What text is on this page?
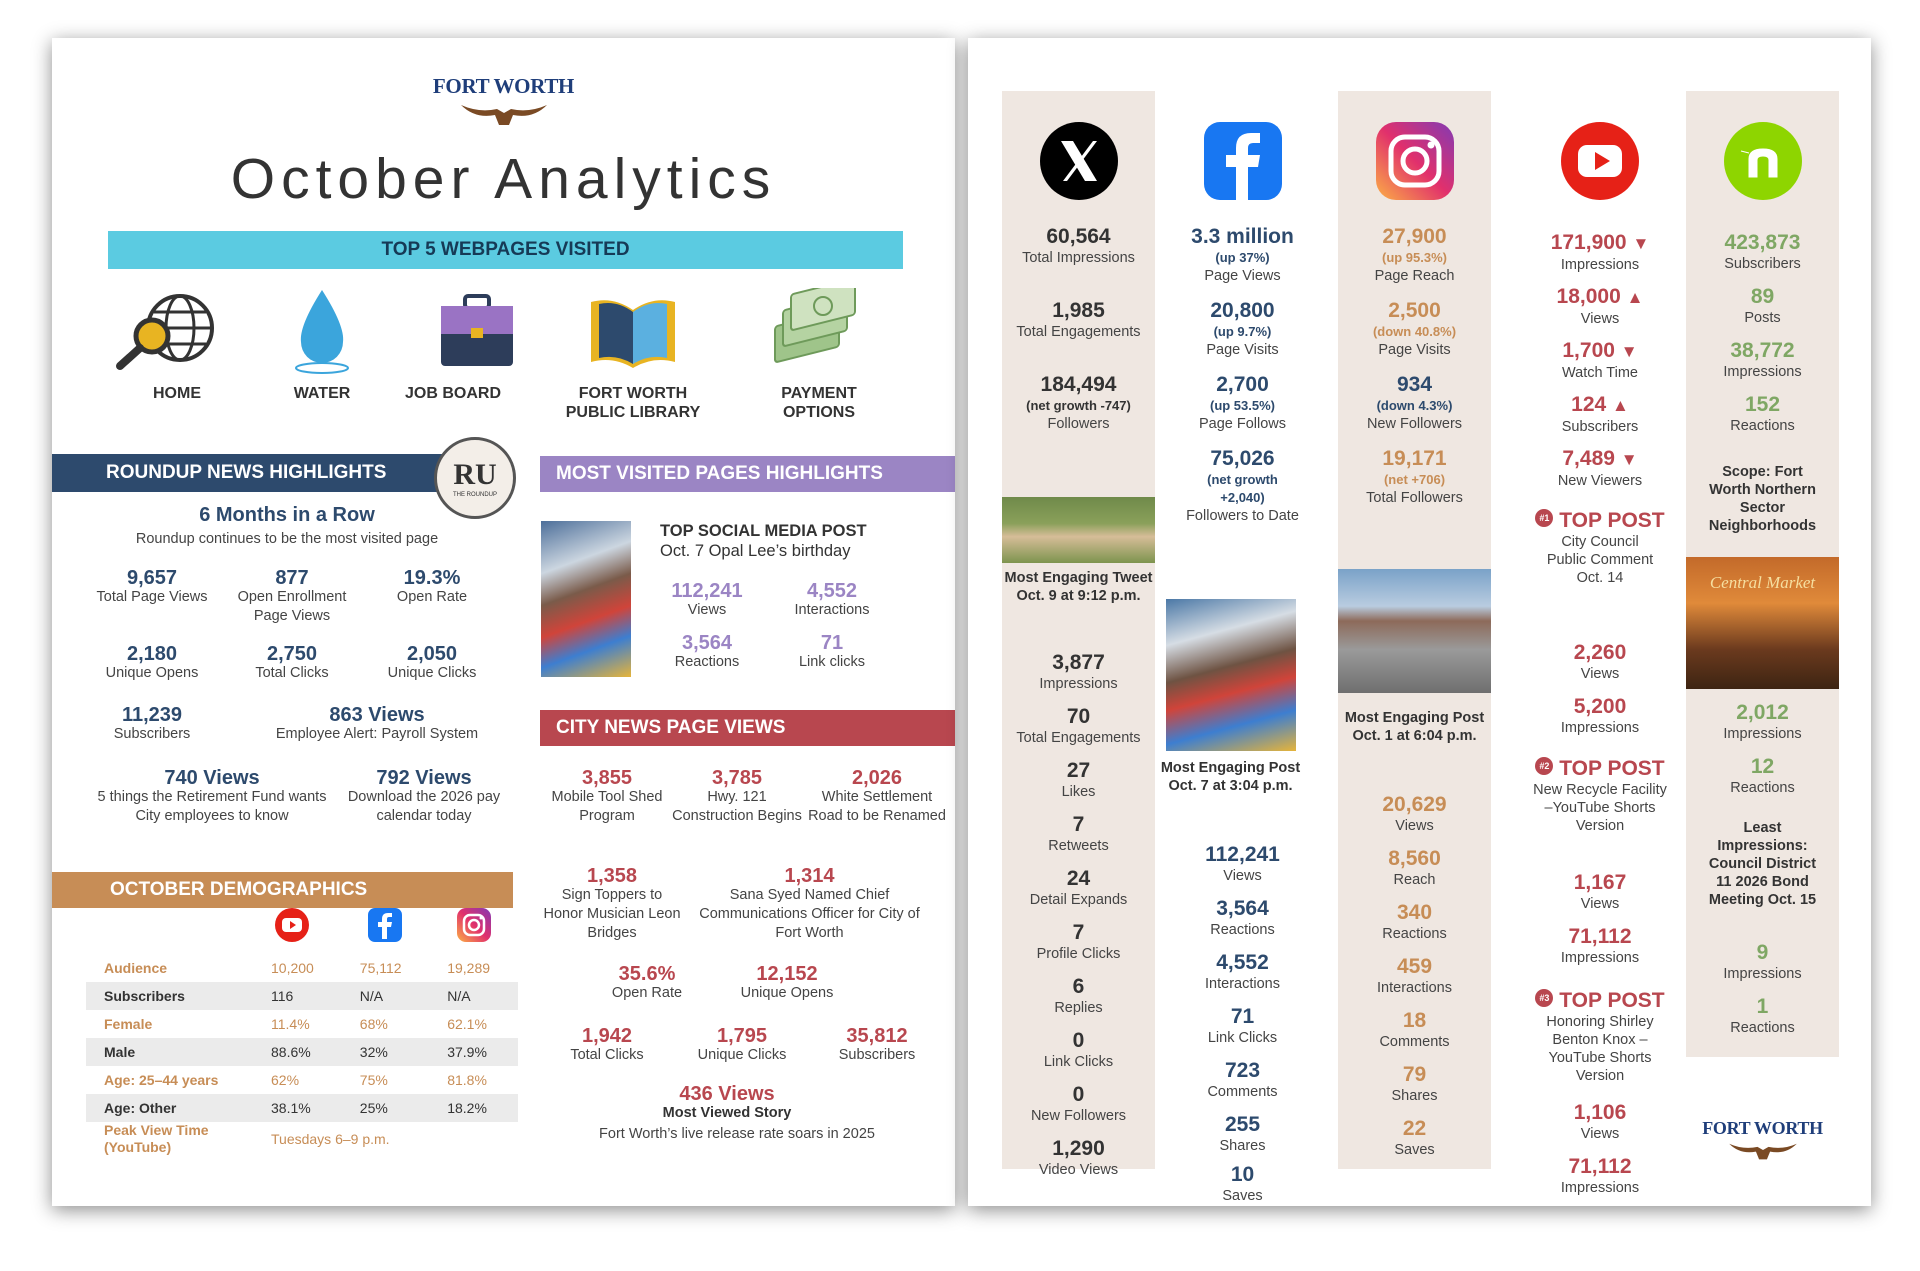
FORT WORTH
October Analytics
TOP 5 WEBPAGES VISITED
HOME	WATER	JOB BOARD	FORT WORTH PUBLIC LIBRARY
PAYMENT OPTIONS
ROUNDUP NEWS HIGHLIGHTS	RU
THE ROUNDUP
6 Months in a Row
Roundup continues to be the most visited page
9,657
Total Page Views
877
Open Enrollment Page Views
19.3%
Open Rate
2,180
Unique Opens
2,750
Total Clicks
2,050
Unique Clicks
11,239
Subscribers
863 Views
Employee Alert: Payroll System
740 Views
5 things the Retirement Fund wants City employees to know
792 Views
Download the 2026 pay calendar today
OCTOBER DEMOGRAPHICS
Audience	10,200	75,112	19,289
Subscribers	116	N/A	N/A
Female	11.4%	68%	62.1%
Male	88.6%	32%	37.9%
Age: 25–44 years	62%	75%	81.8%
Age: Other	38.1%	25%	18.2%
Peak View Time (YouTube)	Tuesdays 6–9 p.m.		
MOST VISITED PAGES HIGHLIGHTS
TOP SOCIAL MEDIA POST
Oct. 7 Opal Lee’s birthday
112,241
Views
4,552
Interactions
3,564
Reactions
71
Link clicks
CITY NEWS PAGE VIEWS
3,855
Mobile Tool Shed Program
3,785
Hwy. 121 Construction Begins
2,026
White Settlement Road to be Renamed
1,358
Sign Toppers to Honor Musician Leon Bridges
1,314
Sana Syed Named Chief Communications Officer for City of Fort Worth
35.6%
Open Rate
12,152
Unique Opens
1,942
Total Clicks
1,795
Unique Clicks
35,812
Subscribers
436 Views
Most Viewed Story
Fort Worth’s live release rate soars in 2025
60,564
Total Impressions
1,985
Total Engagements
184,494
(net growth -747)
Followers
Most Engaging Tweet Oct. 9 at 9:12 p.m.
3,877
Impressions
70
Total Engagements
27
Likes
7
Retweets
24
Detail Expands
7
Profile Clicks
6
Replies
0
Link Clicks
0
New Followers
1,290
Video Views
3.3 million
(up 37%)
Page Views
20,800
(up 9.7%)
Page Visits
2,700
(up 53.5%)
Page Follows
75,026
(net growth +2,040)
Followers to Date
Most Engaging Post Oct. 7 at 3:04 p.m.
112,241
Views
3,564
Reactions
4,552
Interactions
71
Link Clicks
723
Comments
255
Shares
10
Saves
27,900
(up 95.3%)
Page Reach
2,500
(down 40.8%)
Page Visits
934
(down 4.3%)
New Followers
19,171
(net +706)
Total Followers
Most Engaging Post Oct. 1 at 6:04 p.m.
20,629
Views
8,560
Reach
340
Reactions
459
Interactions
18
Comments
79
Shares
22
Saves
171,900 ▼
Impressions
18,000 ▲
Views
1,700 ▼
Watch Time
124 ▲
Subscribers
7,489 ▼
New Viewers
#1 TOP POST
City Council Public Comment Oct. 14
2,260
Views
5,200
Impressions
#2 TOP POST
New Recycle Facility –YouTube Shorts Version
1,167
Views
71,112
Impressions
#3 TOP POST
Honoring Shirley Benton Knox –YouTube Shorts Version
1,106
Views
71,112
Impressions
423,873
Subscribers
89
Posts
38,772
Impressions
152
Reactions
Scope: Fort Worth Northern Sector Neighborhoods
Central Market
2,012
Impressions
12
Reactions
Least Impressions: Council District 11 2026 Bond Meeting Oct. 15
9
Impressions
1
Reactions
FORT WORTH
